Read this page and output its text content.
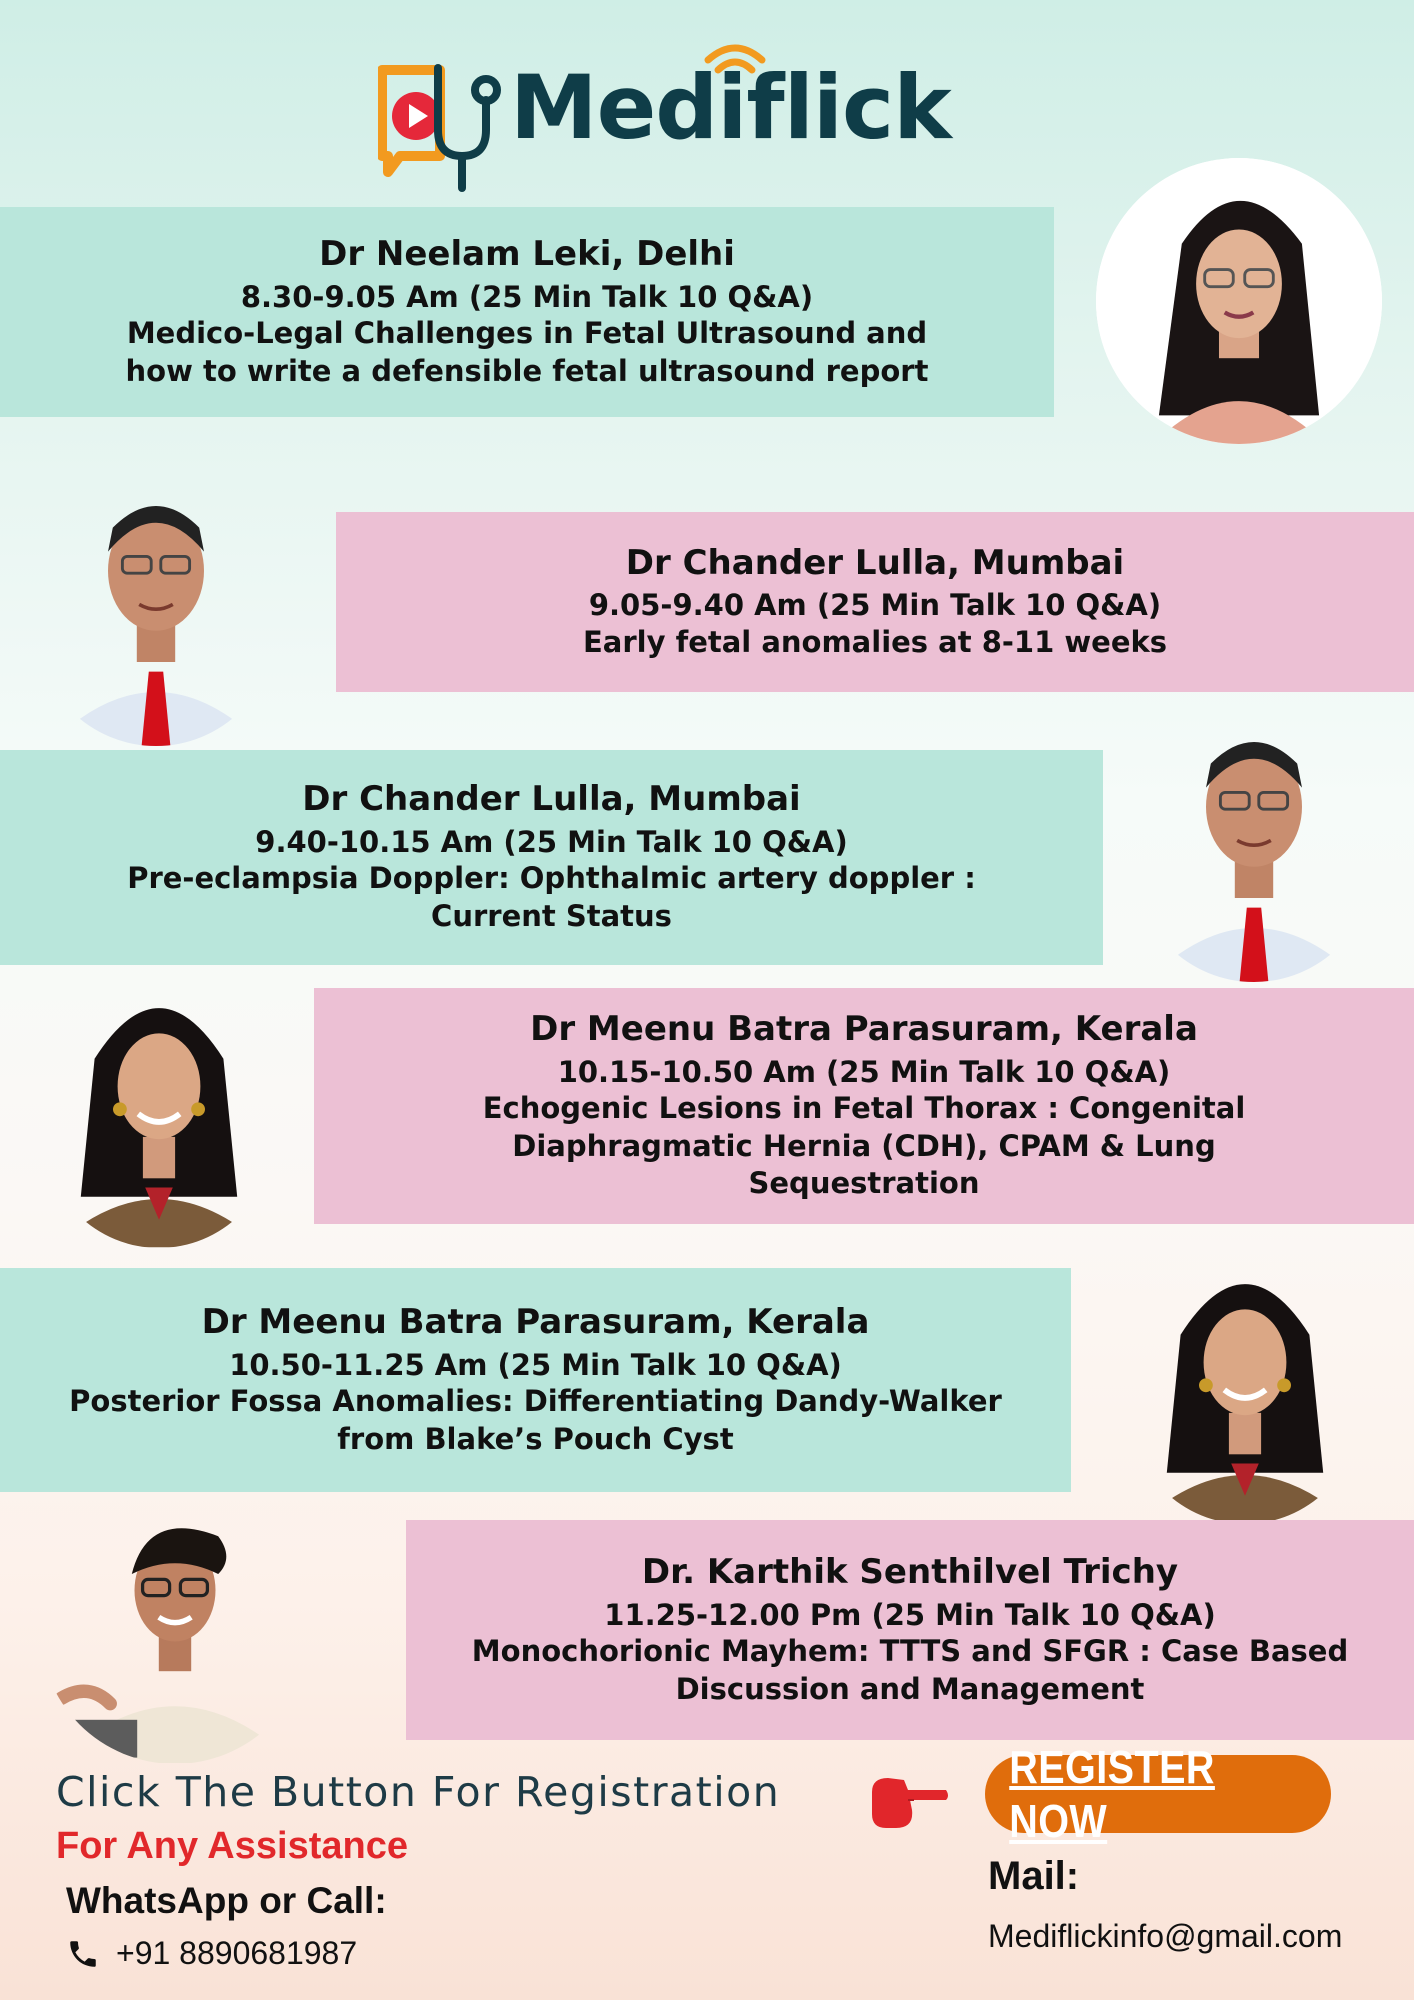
Mediflick
Dr Neelam Leki, Delhi
8.30-9.05 Am (25 Min Talk 10 Q&A)
Medico-Legal Challenges in Fetal Ultrasound and
how to write a defensible fetal ultrasound report
Dr Chander Lulla, Mumbai
9.05-9.40 Am (25 Min Talk 10 Q&A)
Early fetal anomalies at 8-11 weeks
Dr Chander Lulla, Mumbai
9.40-10.15 Am (25 Min Talk 10 Q&A)
Pre-eclampsia Doppler: Ophthalmic artery doppler :
Current Status
Dr Meenu Batra Parasuram, Kerala
10.15-10.50 Am (25 Min Talk 10 Q&A)
Echogenic Lesions in Fetal Thorax : Congenital
Diaphragmatic Hernia (CDH), CPAM & Lung
Sequestration
Dr Meenu Batra Parasuram, Kerala
10.50-11.25 Am (25 Min Talk 10 Q&A)
Posterior Fossa Anomalies: Differentiating Dandy-Walker
from Blake’s Pouch Cyst
Dr. Karthik Senthilvel Trichy
11.25-12.00 Pm (25 Min Talk 10 Q&A)
Monochorionic Mayhem: TTTS and SFGR : Case Based
Discussion and Management
Click The Button For Registration
For Any Assistance
WhatsApp or Call:
+91 8890681987
REGISTER NOW
Mail:
Mediflickinfo@gmail.com
